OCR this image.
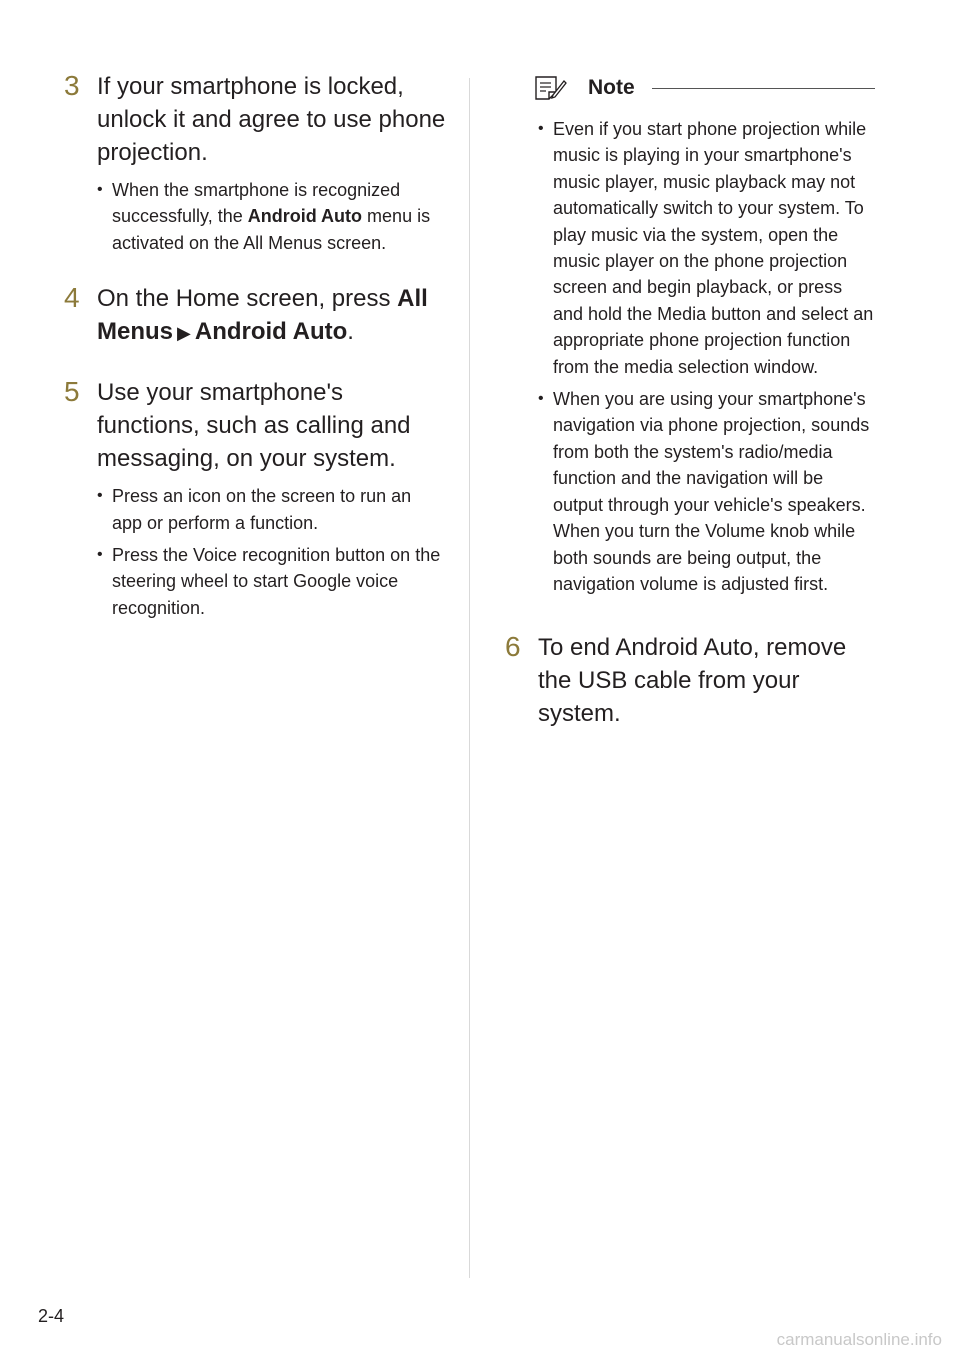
3 If your smartphone is locked, unlock it and agree to use phone projection.

• When the smartphone is recognized successfully, the Android Auto menu is activated on the All Menus screen.
4 On the Home screen, press All Menus ▶ Android Auto.

5 Use your smartphone's functions, such as calling and messaging, on your system.

• Press an icon on the screen to run an app or perform a function.
• Press the Voice recognition button on the steering wheel to start Google voice recognition.
Note
• Even if you start phone projection while music is playing in your smartphone's music player, music playback may not automatically switch to your system. To play music via the system, open the music player on the phone projection screen and begin playback, or press and hold the Media button and select an appropriate phone projection function from the media selection window.
• When you are using your smartphone's navigation via phone projection, sounds from both the system's radio/media function and the navigation will be output through your vehicle's speakers. When you turn the Volume knob while both sounds are being output, the navigation volume is adjusted first.
6 To end Android Auto, remove the USB cable from your system.

2-4
carmanualsonline.info
